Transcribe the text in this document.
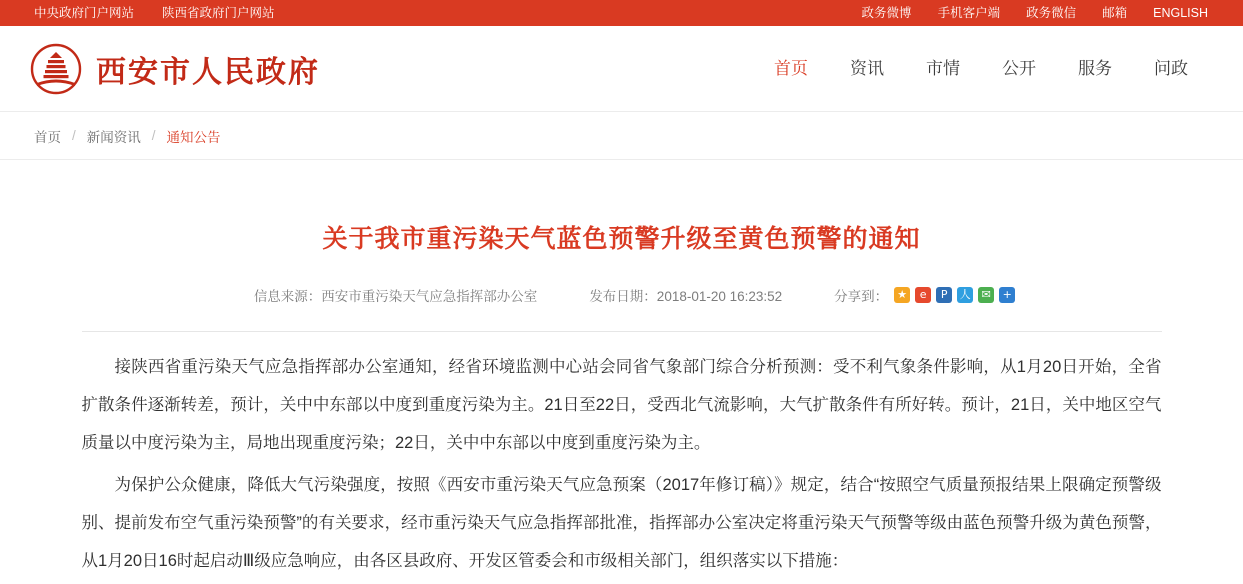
中央政府门户网站	陕西省政府门户网站	政务微博	手机客户端	政务微信	邮箱	ENGLISH
西安市人民政府	首页	资讯	市情	公开	服务	问政
首页 / 新闻资讯 / 通知公告
关于我市重污染天气蓝色预警升级至黄色预警的通知
信息来源：西安市重污染天气应急指挥部办公室	发布日期：2018-01-20 16:23:52	分享到： ★	e	P	人 ✉	+

接陕西省重污染天气应急指挥部办公室通知，经省环境监测中心站会同省气象部门综合分析预测：受不利气象条件影响，从1月20日开始，全省扩散条件逐渐转差，预计，关中中东部以中度到重度污染为主。21日至22日，受西北气流影响，大气扩散条件有所好转。预计，21日，关中地区空气质量以中度污染为主，局地出现重度污染；22日，关中中东部以中度到重度污染为主。

为保护公众健康，降低大气污染强度，按照《西安市重污染天气应急预案（2017年修订稿）》规定，结合“按照空气质量预报结果上限确定预警级别、提前发布空气重污染预警”的有关要求，经市重污染天气应急指挥部批准，指挥部办公室决定将重污染天气预警等级由蓝色预警升级为黄色预警，从1月20日16时起启动Ⅲ级应急响应，由各区县政府、开发区管委会和市级相关部门，组织落实以下措施：
